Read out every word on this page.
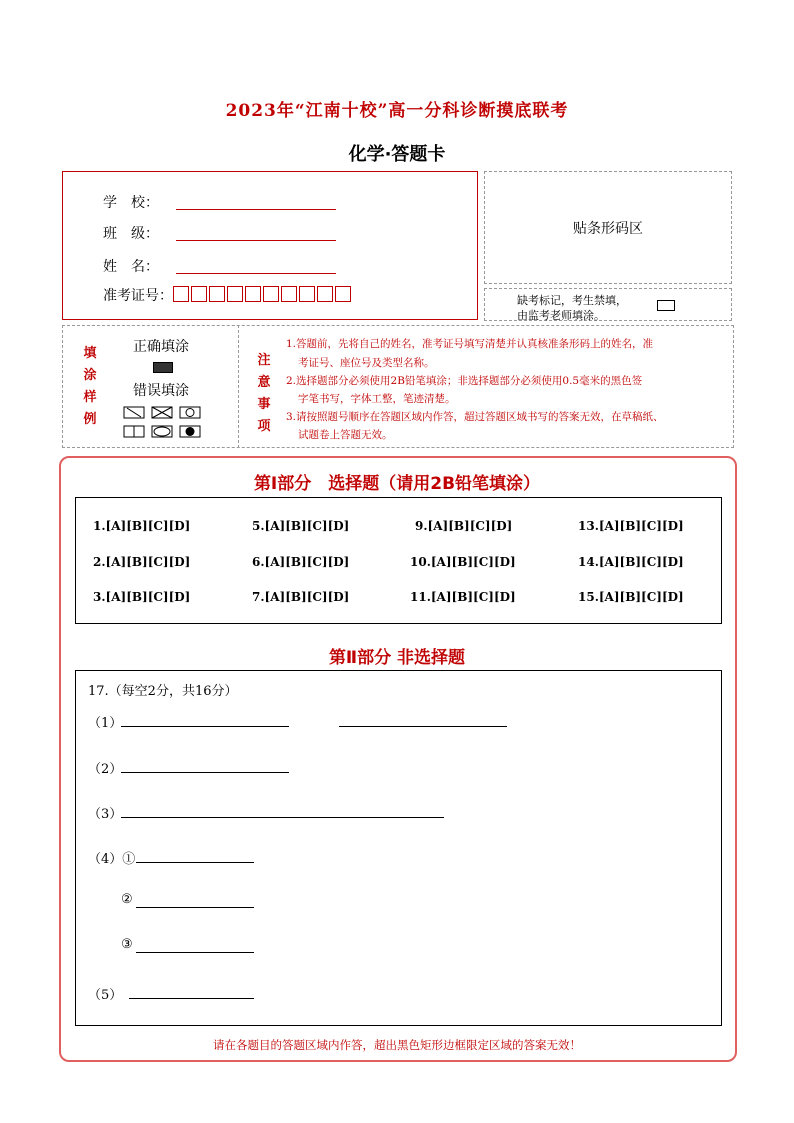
2023年“江南十校”高一分科诊断摸底联考
化学·答题卡
学　校：
班　级：
姓　名：
准考证号：
贴条形码区
缺考标记，考生禁填，
由监考老师填涂。
填
涂
样
例
正确填涂
错误填涂
注
意
事
项
1.答题前，先将自己的姓名，准考证号填写清楚并认真核准条形码上的姓名，准
考证号、座位号及类型名称。
2.选择题部分必须使用2B铅笔填涂；非选择题部分必须使用0.5毫米的黑色签
字笔书写，字体工整，笔迹清楚。
3.请按照题号顺序在答题区域内作答，超过答题区域书写的答案无效，在草稿纸、
试题卷上答题无效。
第Ⅰ部分　选择题（请用2B铅笔填涂）
1.[A][B][C][D]	5.[A][B][C][D]	9.[A][B][C][D]	13.[A][B][C][D]
2.[A][B][C][D]	6.[A][B][C][D]	10.[A][B][C][D]	14.[A][B][C][D]
3.[A][B][C][D]	7.[A][B][C][D]	11.[A][B][C][D]	15.[A][B][C][D]
第Ⅱ部分 非选择题
17.（每空2分，共16分）
（1）
（2）
（3）
（4）①
②
③
（5）
请在各题目的答题区域内作答，超出黑色矩形边框限定区域的答案无效！
